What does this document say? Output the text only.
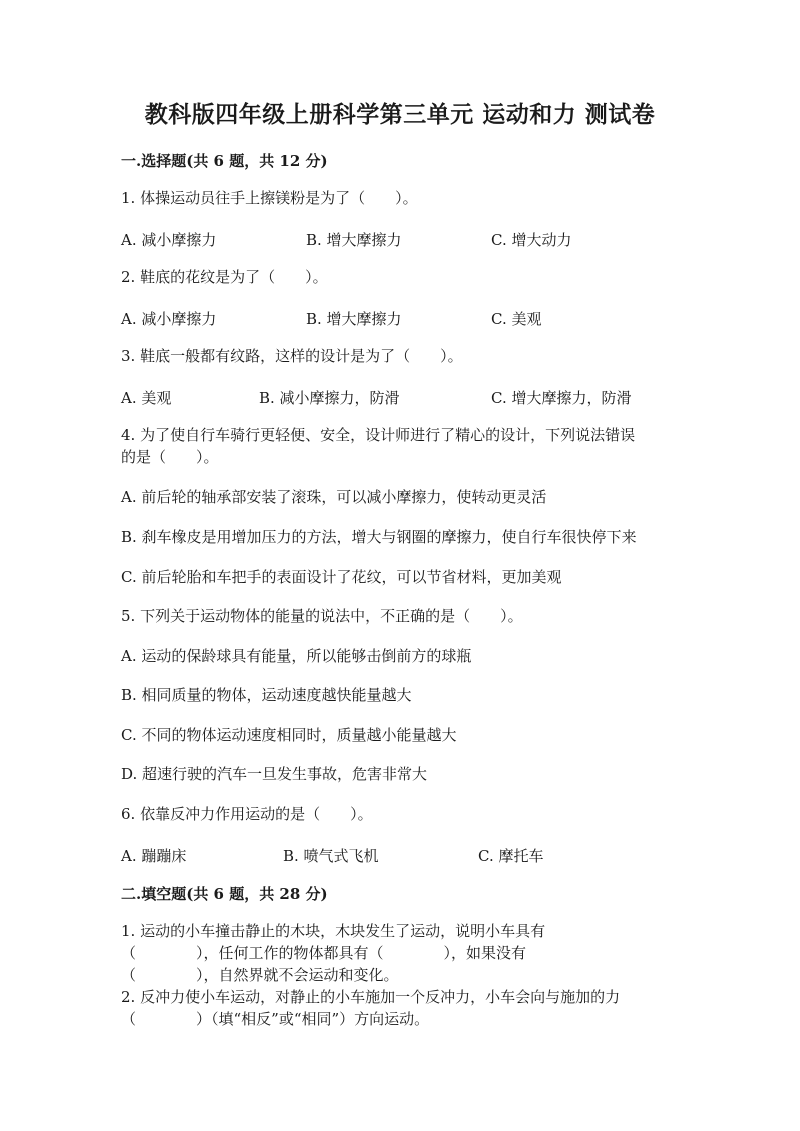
教科版四年级上册科学第三单元 运动和力 测试卷
一.选择题(共 6 题，共 12 分)
1. 体操运动员往手上擦镁粉是为了（　　）。
A. 减小摩擦力	B. 增大摩擦力	C. 增大动力
2. 鞋底的花纹是为了（　　）。
A. 减小摩擦力	B. 增大摩擦力	C. 美观
3. 鞋底一般都有纹路，这样的设计是为了（　　）。
A. 美观	B. 减小摩擦力，防滑	C. 增大摩擦力，防滑
4. 为了使自行车骑行更轻便、安全，设计师进行了精心的设计，下列说法错误
的是（　　）。
A. 前后轮的轴承部安装了滚珠，可以减小摩擦力，使转动更灵活
B. 刹车橡皮是用增加压力的方法，增大与钢圈的摩擦力，使自行车很快停下来
C. 前后轮胎和车把手的表面设计了花纹，可以节省材料，更加美观
5. 下列关于运动物体的能量的说法中，不正确的是（　　）。
A. 运动的保龄球具有能量，所以能够击倒前方的球瓶
B. 相同质量的物体，运动速度越快能量越大
C. 不同的物体运动速度相同时，质量越小能量越大
D. 超速行驶的汽车一旦发生事故，危害非常大
6. 依靠反冲力作用运动的是（　　）。
A. 蹦蹦床	B. 喷气式飞机	C. 摩托车
二.填空题(共 6 题，共 28 分)
1. 运动的小车撞击静止的木块，木块发生了运动，说明小车具有
（　　　　），任何工作的物体都具有（　　　　），如果没有
（　　　　），自然界就不会运动和变化。
2. 反冲力使小车运动，对静止的小车施加一个反冲力，小车会向与施加的力
（　　　　）（填“相反”或“相同”）方向运动。
